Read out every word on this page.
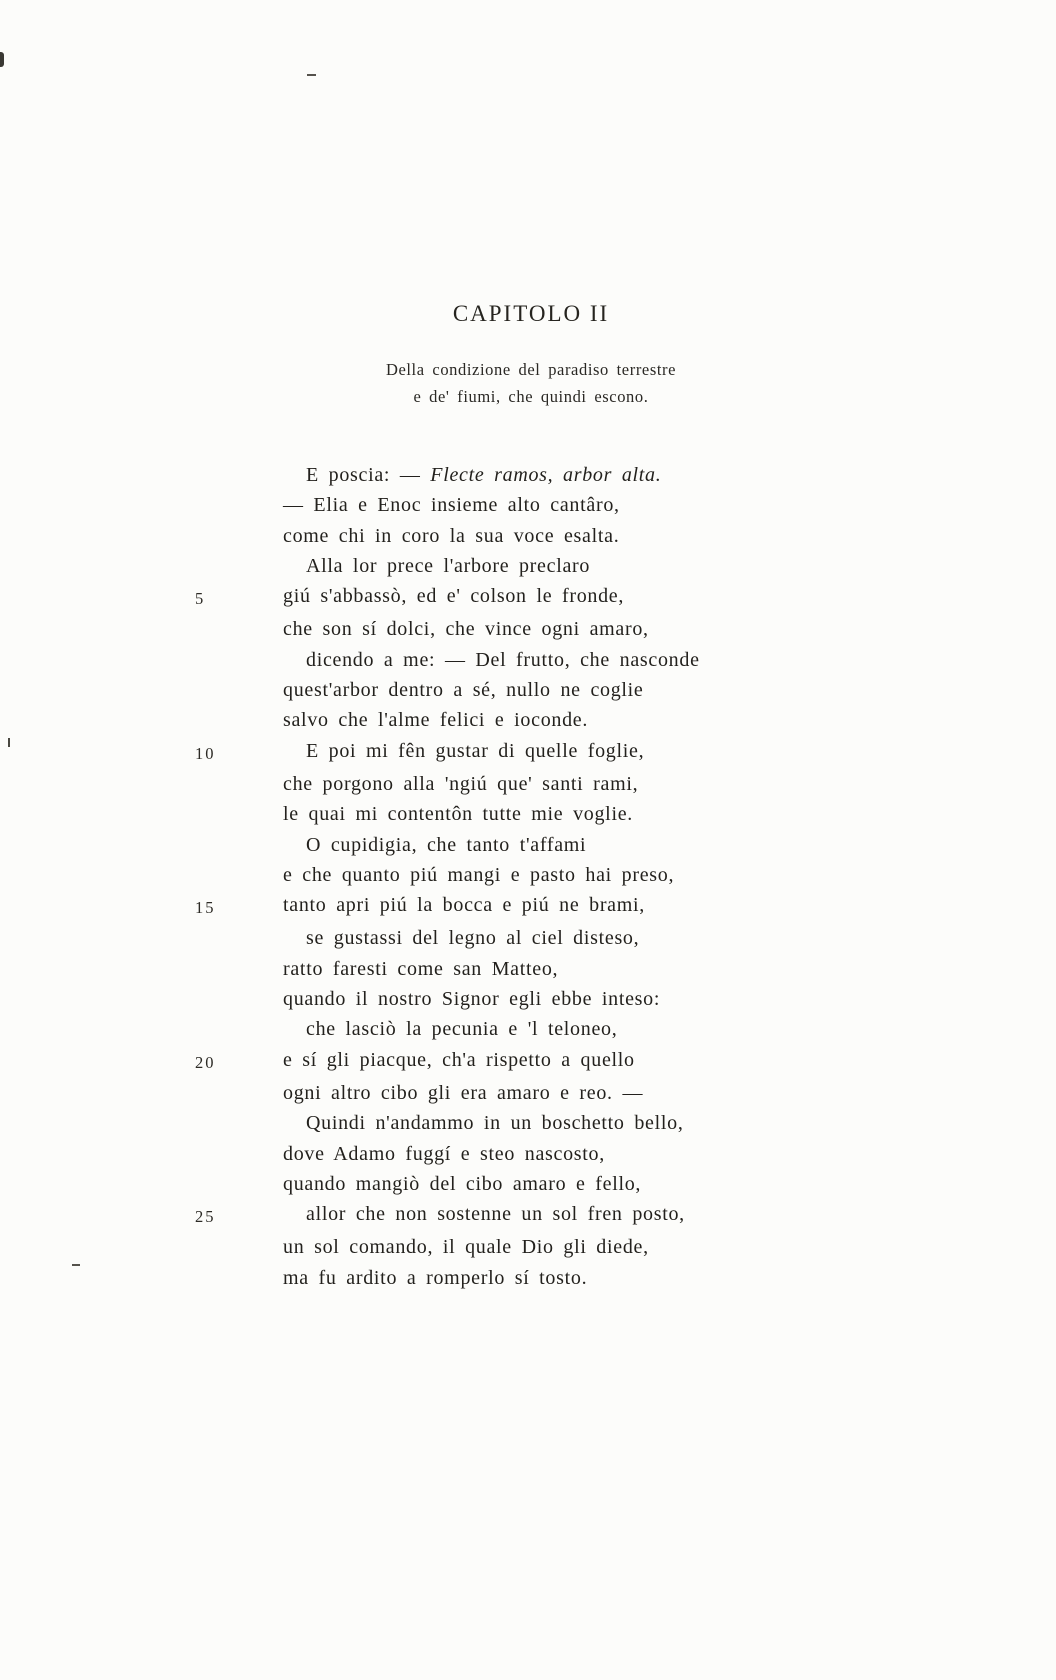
CAPITOLO II
Della condizione del paradiso terrestre
e de' fiumi, che quindi escono.
E poscia: — Flecte ramos, arbor alta.
— Elia e Enoc insieme alto cantâro,
come chi in coro la sua voce esalta.
Alla lor prece l'arbore preclaro
5	giú s'abbassò, ed e' colson le fronde,
che son sí dolci, che vince ogni amaro,
dicendo a me: — Del frutto, che nasconde
quest'arbor dentro a sé, nullo ne coglie
salvo che l'alme felici e ioconde.
10	E poi mi fên gustar di quelle foglie,
che porgono alla 'ngiú que' santi rami,
le quai mi contentôn tutte mie voglie.
O cupidigia, che tanto t'affami
e che quanto piú mangi e pasto hai preso,
15	tanto apri piú la bocca e piú ne brami,
se gustassi del legno al ciel disteso,
ratto faresti come san Matteo,
quando il nostro Signor egli ebbe inteso:
che lasciò la pecunia e 'l teloneo,
20	e sí gli piacque, ch'a rispetto a quello
ogni altro cibo gli era amaro e reo. —
Quindi n'andammo in un boschetto bello,
dove Adamo fuggí e steo nascosto,
quando mangiò del cibo amaro e fello,
25	allor che non sostenne un sol fren posto,
un sol comando, il quale Dio gli diede,
ma fu ardito a romperlo sí tosto.
